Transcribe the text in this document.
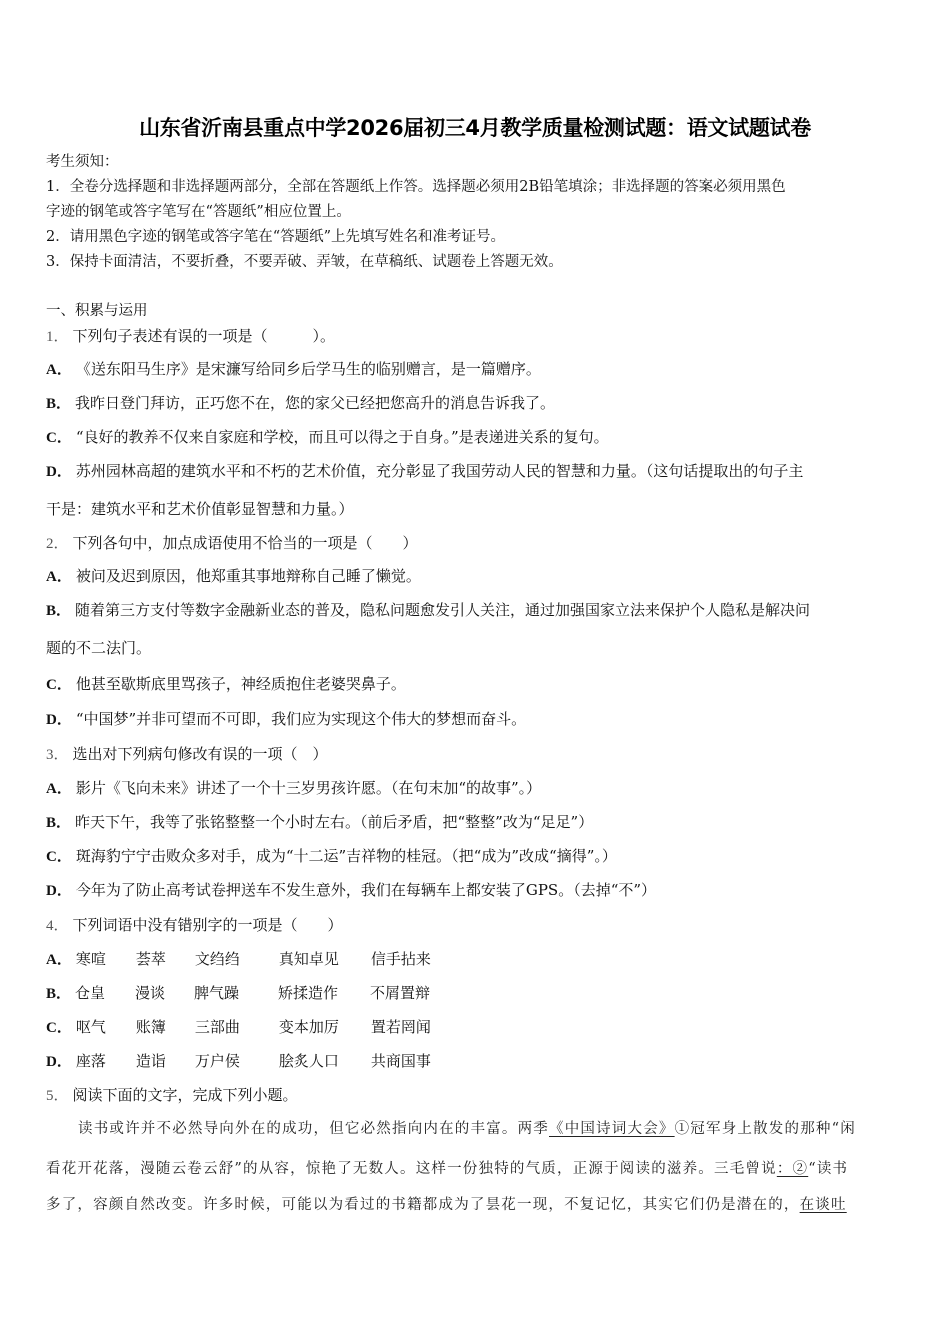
山东省沂南县重点中学2026届初三4月教学质量检测试题：语文试题试卷
考生须知：
1．全卷分选择题和非选择题两部分，全部在答题纸上作答。选择题必须用2B铅笔填涂；非选择题的答案必须用黑色
字迹的钢笔或答字笔写在“答题纸”相应位置上。
2．请用黑色字迹的钢笔或答字笔在“答题纸”上先填写姓名和准考证号。
3．保持卡面清洁，不要折叠，不要弄破、弄皱，在草稿纸、试题卷上答题无效。
一、积累与运用
1． 下列句子表述有误的一项是（　　　）。
A． 《送东阳马生序》是宋濂写给同乡后学马生的临别赠言，是一篇赠序。
B． 我昨日登门拜访，正巧您不在，您的家父已经把您高升的消息告诉我了。
C． “良好的教养不仅来自家庭和学校，而且可以得之于自身。”是表递进关系的复句。
D． 苏州园林高超的建筑水平和不朽的艺术价值，充分彰显了我国劳动人民的智慧和力量。（这句话提取出的句子主
干是：建筑水平和艺术价值彰显智慧和力量。）
2． 下列各句中，加点成语使用不恰当的一项是（　　）
A． 被问及迟到原因，他郑重其事地辩称自己睡了懒觉。
B． 随着第三方支付等数字金融新业态的普及，隐私问题愈发引人关注，通过加强国家立法来保护个人隐私是解决问
题的不二法门。
C． 他甚至歇斯底里骂孩子，神经质抱住老婆哭鼻子。
D． “中国梦”并非可望而不可即，我们应为实现这个伟大的梦想而奋斗。
3． 选出对下列病句修改有误的一项（　）
A． 影片《飞向未来》讲述了一个十三岁男孩许愿。（在句末加“的故事”。）
B． 昨天下午，我等了张铭整整一个小时左右。（前后矛盾，把“整整”改为“足足”）
C． 斑海豹宁宁击败众多对手，成为“十二运”吉祥物的桂冠。（把“成为”改成“摘得”。）
D． 今年为了防止高考试卷押送车不发生意外，我们在每辆车上都安装了GPS。（去掉“不”）
4． 下列词语中没有错别字的一项是（　　）
A． 寒喧 荟萃 文绉绉	真知卓见 信手拈来
B． 仓皇 漫谈 脾气躁	矫揉造作 不屑置辩
C． 呕气 账簿 三部曲	变本加厉 置若罔闻
D． 座落 造诣 万户侯	脍炙人口 共商国事
5． 阅读下面的文字，完成下列小题。
读书或许并不必然导向外在的成功，但它必然指向内在的丰富。两季《中国诗词大会》①冠军身上散发的那种“闲
看花开花落，漫随云卷云舒”的从容，惊艳了无数人。这样一份独特的气质，正源于阅读的滋养。三毛曾说：②“读书
多了，容颜自然改变。许多时候，可能以为看过的书籍都成为了昙花一现，不复记忆，其实它们仍是潜在的，在谈吐
